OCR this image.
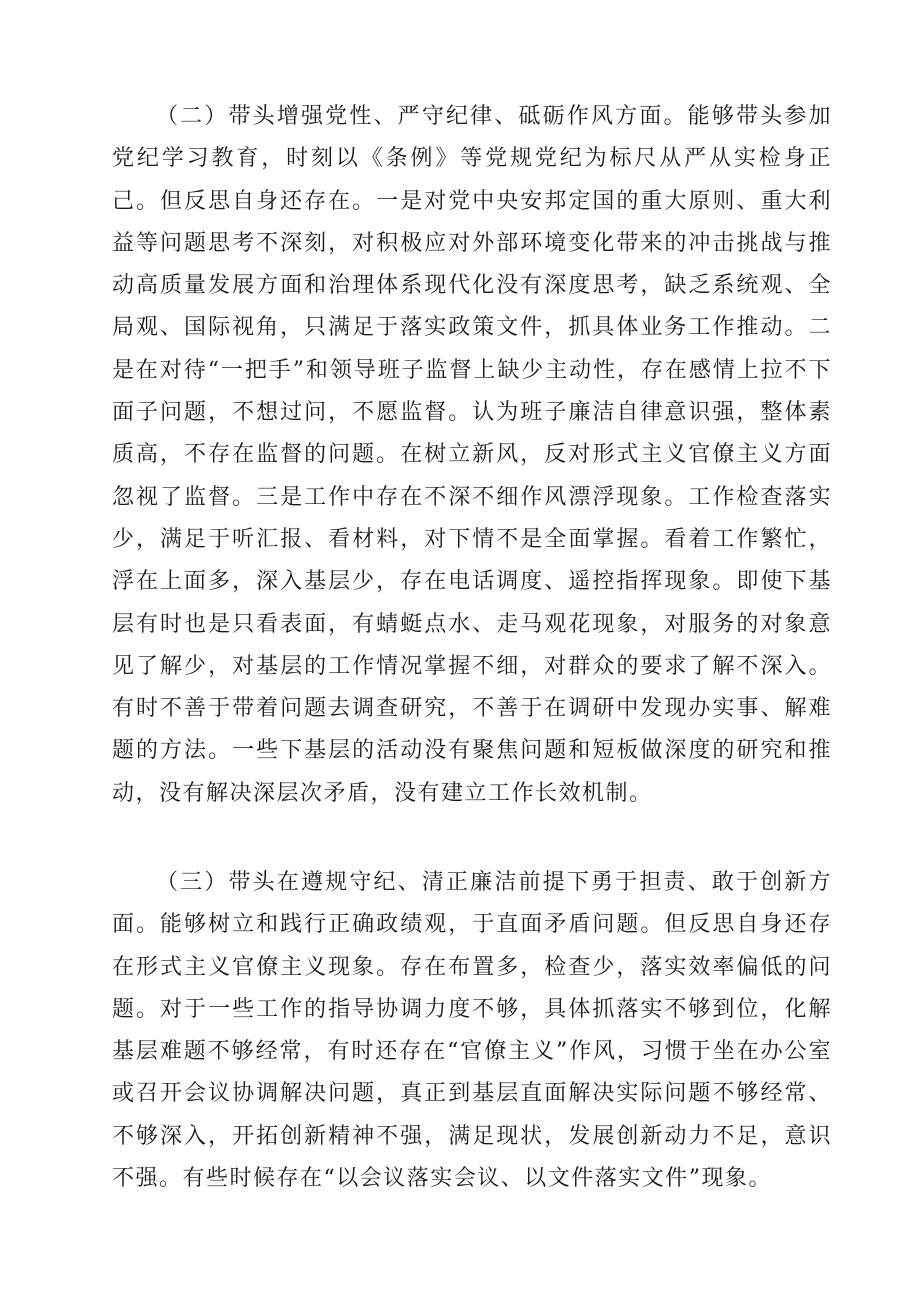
（二）带头增强党性、严守纪律、砥砺作风方面。能够带头参加党纪学习教育，时刻以《条例》等党规党纪为标尺从严从实检身正己。但反思自身还存在。一是对党中央安邦定国的重大原则、重大利益等问题思考不深刻，对积极应对外部环境变化带来的冲击挑战与推动高质量发展方面和治理体系现代化没有深度思考，缺乏系统观、全局观、国际视角，只满足于落实政策文件，抓具体业务工作推动。二是在对待“一把手”和领导班子监督上缺少主动性，存在感情上拉不下面子问题，不想过问，不愿监督。认为班子廉洁自律意识强，整体素质高，不存在监督的问题。在树立新风，反对形式主义官僚主义方面忽视了监督。三是工作中存在不深不细作风漂浮现象。工作检查落实少，满足于听汇报、看材料，对下情不是全面掌握。看着工作繁忙，浮在上面多，深入基层少，存在电话调度、遥控指挥现象。即使下基层有时也是只看表面，有蜻蜓点水、走马观花现象，对服务的对象意见了解少，对基层的工作情况掌握不细，对群众的要求了解不深入。有时不善于带着问题去调查研究，不善于在调研中发现办实事、解难题的方法。一些下基层的活动没有聚焦问题和短板做深度的研究和推动，没有解决深层次矛盾，没有建立工作长效机制。

（三）带头在遵规守纪、清正廉洁前提下勇于担责、敢于创新方面。能够树立和践行正确政绩观，于直面矛盾问题。但反思自身还存在形式主义官僚主义现象。存在布置多，检查少，落实效率偏低的问题。对于一些工作的指导协调力度不够，具体抓落实不够到位，化解基层难题不够经常，有时还存在“官僚主义”作风，习惯于坐在办公室或召开会议协调解决问题，真正到基层直面解决实际问题不够经常、不够深入，开拓创新精神不强，满足现状，发展创新动力不足，意识不强。有些时候存在“以会议落实会议、以文件落实文件”现象。
